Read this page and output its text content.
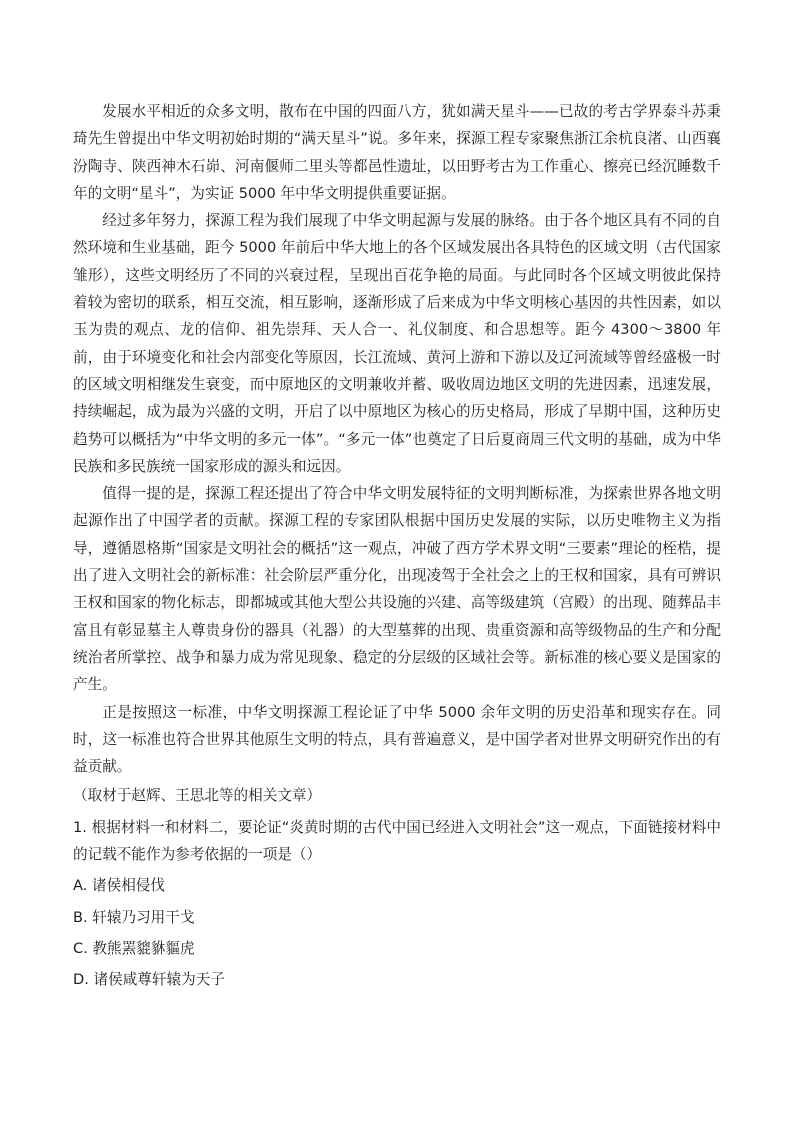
发展水平相近的众多文明，散布在中国的四面八方，犹如满天星斗——已故的考古学界泰斗苏秉琦先生曾提出中华文明初始时期的“满天星斗”说。多年来，探源工程专家聚焦浙江余杭良渚、山西襄汾陶寺、陕西神木石峁、河南偃师二里头等都邑性遗址，以田野考古为工作重心、擦亮已经沉睡数千年的文明“星斗”，为实证 5000 年中华文明提供重要证据。

经过多年努力，探源工程为我们展现了中华文明起源与发展的脉络。由于各个地区具有不同的自然环境和生业基础，距今 5000 年前后中华大地上的各个区域发展出各具特色的区域文明（古代国家雏形），这些文明经历了不同的兴衰过程，呈现出百花争艳的局面。与此同时各个区域文明彼此保持着较为密切的联系，相互交流，相互影响，逐渐形成了后来成为中华文明核心基因的共性因素，如以玉为贵的观点、龙的信仰、祖先崇拜、天人合一、礼仪制度、和合思想等。距今 4300～3800 年前，由于环境变化和社会内部变化等原因，长江流域、黄河上游和下游以及辽河流域等曾经盛极一时的区域文明相继发生衰变，而中原地区的文明兼收并蓄、吸收周边地区文明的先进因素，迅速发展，持续崛起，成为最为兴盛的文明，开启了以中原地区为核心的历史格局，形成了早期中国，这种历史趋势可以概括为“中华文明的多元一体”。“多元一体”也奠定了日后夏商周三代文明的基础，成为中华民族和多民族统一国家形成的源头和远因。

值得一提的是，探源工程还提出了符合中华文明发展特征的文明判断标准，为探索世界各地文明起源作出了中国学者的贡献。探源工程的专家团队根据中国历史发展的实际，以历史唯物主义为指导，遵循恩格斯“国家是文明社会的概括”这一观点，冲破了西方学术界文明“三要素”理论的桎梏，提出了进入文明社会的新标准：社会阶层严重分化，出现凌驾于全社会之上的王权和国家，具有可辨识王权和国家的物化标志，即都城或其他大型公共设施的兴建、高等级建筑（宫殿）的出现、随葬品丰富且有彰显墓主人尊贵身份的器具（礼器）的大型墓葬的出现、贵重资源和高等级物品的生产和分配统治者所掌控、战争和暴力成为常见现象、稳定的分层级的区域社会等。新标准的核心要义是国家的产生。

正是按照这一标准，中华文明探源工程论证了中华 5000 余年文明的历史沿革和现实存在。同时，这一标准也符合世界其他原生文明的特点，具有普遍意义，是中国学者对世界文明研究作出的有益贡献。

（取材于赵辉、王思北等的相关文章）

1. 根据材料一和材料二，要论证“炎黄时期的古代中国已经进入文明社会”这一观点，下面链接材料中的记载不能作为参考依据的一项是（）

A. 诸侯相侵伐

B. 轩辕乃习用干戈

C. 教熊罴貔貅貙虎

D. 诸侯咸尊轩辕为天子
